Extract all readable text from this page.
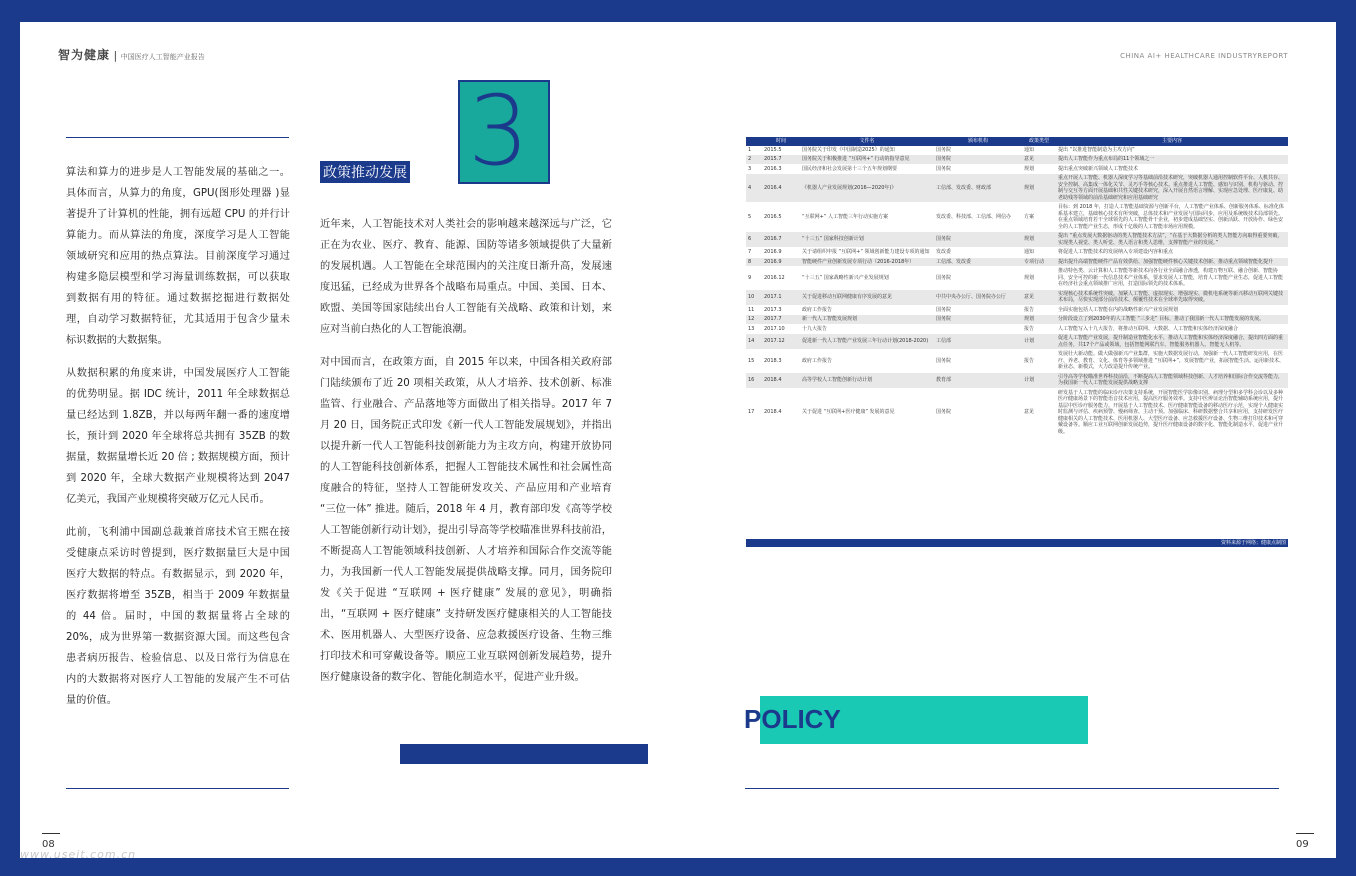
智为健康 | 中国医疗人工智能产业报告	CHINA AI+ HEALTHCARE INDUSTRYREPORT

算法和算力的进步是人工智能发展的基础之一。具体而言，从算力的角度，GPU(图形处理器 )显著提升了计算机的性能，拥有远超 CPU 的并行计算能力。而从算法的角度，深度学习是人工智能领域研究和应用的热点算法。目前深度学习通过构建多隐层模型和学习海量训练数据，可以获取到数据有用的特征。通过数据挖掘进行数据处理，自动学习数据特征，尤其适用于包含少量未标识数据的大数据集。

从数据积累的角度来讲，中国发展医疗人工智能的优势明显。据 IDC 统计，2011 年全球数据总量已经达到 1.8ZB，并以每两年翻一番的速度增长，预计到 2020 年全球将总共拥有 35ZB 的数据量，数据量增长近 20 倍 ; 数据规模方面，预计到 2020 年，全球大数据产业规模将达到 2047 亿美元，我国产业规模将突破万亿元人民币。

此前，飞利浦中国副总裁兼首席技术官王熙在接受健康点采访时曾提到，医疗数据量巨大是中国医疗大数据的特点。有数据显示，到 2020 年，医疗数据将增至 35ZB，相当于 2009 年数据量的 44 倍。届时，中国的数据量将占全球的 20%，成为世界第一数据资源大国。而这些包含患者病历报告、检验信息、以及日常行为信息在内的大数据将对医疗人工智能的发展产生不可估量的价值。

3
政策推动发展

近年来，人工智能技术对人类社会的影响越来越深远与广泛，它正在为农业、医疗、教育、能源、国防等诸多领域提供了大量新的发展机遇。人工智能在全球范围内的关注度日渐升高，发展速度迅猛，已经成为世界各个战略布局重点。中国、美国、日本、欧盟、美国等国家陆续出台人工智能有关战略、政策和计划，来应对当前白热化的人工智能浪潮。

对中国而言，在政策方面，自 2015 年以来，中国各相关政府部门陆续颁布了近 20 项相关政策，从人才培养、技术创新、标准监管、行业融合、产品落地等方面做出了相关指导。2017 年 7 月 20 日，国务院正式印发《新一代人工智能发展规划》，并指出以提升新一代人工智能科技创新能力为主攻方向，构建开放协同的人工智能科技创新体系，把握人工智能技术属性和社会属性高度融合的特征，坚持人工智能研发攻关、产品应用和产业培育 “三位一体” 推进。随后，2018 年 4 月，教育部印发《高等学校人工智能创新行动计划》，提出引导高等学校瞄准世界科技前沿，不断提高人工智能领域科技创新、人才培养和国际合作交流等能力，为我国新一代人工智能发展提供战略支撑。同月，国务院印发《关于促进 “互联网 + 医疗健康” 发展的意见》，明确指出，“互联网 + 医疗健康” 支持研发医疗健康相关的人工智能技术、医用机器人、大型医疗设备、应急救援医疗设备、生物三维打印技术和可穿戴设备等。顺应工业互联网创新发展趋势，提升医疗健康设备的数字化、智能化制造水平，促进产业升级。

	时间	文件名	颁布机构	政策类型	主要内容
1	2015.5	国务院关于印发《中国制造2025》的通知	国务院	通知	提出 “以推进智能制造为主攻方向”
2	2015.7	国务院关于积极推进 “互联网+” 行动的指导意见	国务院	意见	提出人工智能作为重点布局的11个领域之一
3	2016.3	国民经济和社会发展第十三个五年规划纲要	国务院	规划	提出重点突破新兴领域人工智能技术
4	2016.4	《机器人产业发展规划(2016—2020年)》	工信部、发改委、财政部	规划	重点开展人工智能、机器人深度学习等基础前沿技术研究，突破机器人通用控制软件平台、人机共存、安全控制、高集成一体化关节、灵巧手等核心技术。重点推进人工智能、感知与识别、机构与驱动、控制与交互等方面开展基础和共性关键技术研究，深入开展自然语言理解、实现应急处理、医疗康复、助老助残等领域的前沿基础研究和应用基础研究
5	2016.5	“互联网+” 人工智能三年行动实施方案	发改委、科技部、工信部、网信办	方案	目标：到 2018 年，打造人工智能基础资源与创新平台，人工智能产业体系、创新服务体系、标准化体系基本建立，基础核心技术有所突破，总体技术和产业发展与国际同步，应用及系统级技术局部领先。在重点领域培育若干全球领先的人工智能骨干企业，初步建成基础坚实、创新活跃、开放协作、绿色安全的人工智能产业生态，形成千亿级的人工智能市场应用规模。
6	2016.7	“十三五” 国家科技创新计划	国务院	规划	提出 “重点发展大数据驱动的类人智能技术方法”，“在基于大数据分析的类人智能方向取得重要突破，实现类人视觉、类人听觉、类人语言和类人思维，支撑智能产业的发展。”
7	2016.9	关于请组织申报 “互联网+” 领域创新能力建设专项的通知	发改委	通知	将促进人工智能技术的发展纳入专项建设内容和重点
8	2016.9	智能硬件产业创新发展专项行动（2016-2018年）	工信部、发改委	专项行动	提出提升高端智能硬件产品有效供给、加强智能硬件核心关键技术创新、推动重点领域智能化提升
9	2016.12	“十三五” 国家战略性新兴产业发展规划	国务院	规划	推动特色类、云计算和人工智能等新技术向各行业全面融合渗透，构建万物互联、融合创新、智能协同、安全可控的新一代信息技术产业体系，要求发展人工智能，培育人工智能产业生态，促进人工智能在经济社会重点领域推广应用，打造国际领先的技术体系。
10	2017.1	关于促进移动互联网健康有序发展的意见	中共中央办公厅、国务院办公厅	意见	实现核心技术系统性突破。加紧人工智能、虚拟现实、增强现实、微机电系统等新兴移动互联网关键技术布局，尽快实现部分前沿技术、颠覆性技术在全球率先取得突破。
11	2017.3	政府工作报告	国务院	报告	全面实施包括人工智能在内的战略性新兴产业发展规划
12	2017.7	新一代人工智能发展规划	国务院	规划	分阶段设立了到2030年的人工智能 “三步走” 目标，推动了我国新一代人工智能发展的发展。
13	2017.10	十九大报告		报告	人工智能写入十九大报告，将推动互联网、大数据、人工智能和实体经济深度融合
14	2017.12	促进新一代人工智能产业发展三年行动计划(2018-2020)	工信部	计划	促进人工智能产业发展，提升制造业智能化水平，推动人工智能和实体经济深度融合，提出四方面的重点任务，共17个产品或领域，包括智能网联汽车、智能服务机器人、智能无人机等。
15	2018.3	政府工作报告	国务院	报告	发展壮大新动能。做大做强新兴产业集群，实施大数据发展行动，加强新一代人工智能研发应用，在医疗、养老、教育、文化、体育等多领域推进 “互联网+”，发展智能产业，拓展智能生活。运用新技术、新业态、新模式，大力改造提升传统产业。
16	2018.4	高等学校人工智能创新行动计划	教育部	计划	引导高等学校瞄准世界科技前沿，不断提高人工智能领域科技创新、人才培养和国际合作交流等能力，为我国新一代人工智能发展提供战略支撑
17	2018.4	关于促进 “互联网+医疗健康” 发展的意见	国务院	意见	研发基于人工智能的临床诊疗决策支持系统，开展智能医学影像识别、病理分型和多学科会诊以及多种医疗健康场景下的智能语音技术应用，提高医疗服务效率。支持中医辨证论治智能辅助系统应用，提升基层中医诊疗服务能力。开展基于人工智能技术、医疗健康智能设备的移动医疗示范，实现个人健康实时监测与评估、疾病预警、慢病筛查、主动干预。加强临床、科研数据整合共享和应用，支持研发医疗健康相关的人工智能技术、医用机器人、大型医疗设备、应急救援医疗设备、生物三维打印技术和可穿戴设备等。顺应工业互联网创新发展趋势，提升医疗健康设备的数字化、智能化制造水平，促进产业升级。
资料来源于网络；健康点制图
POLICY
08	09
www.useit.com.cn
